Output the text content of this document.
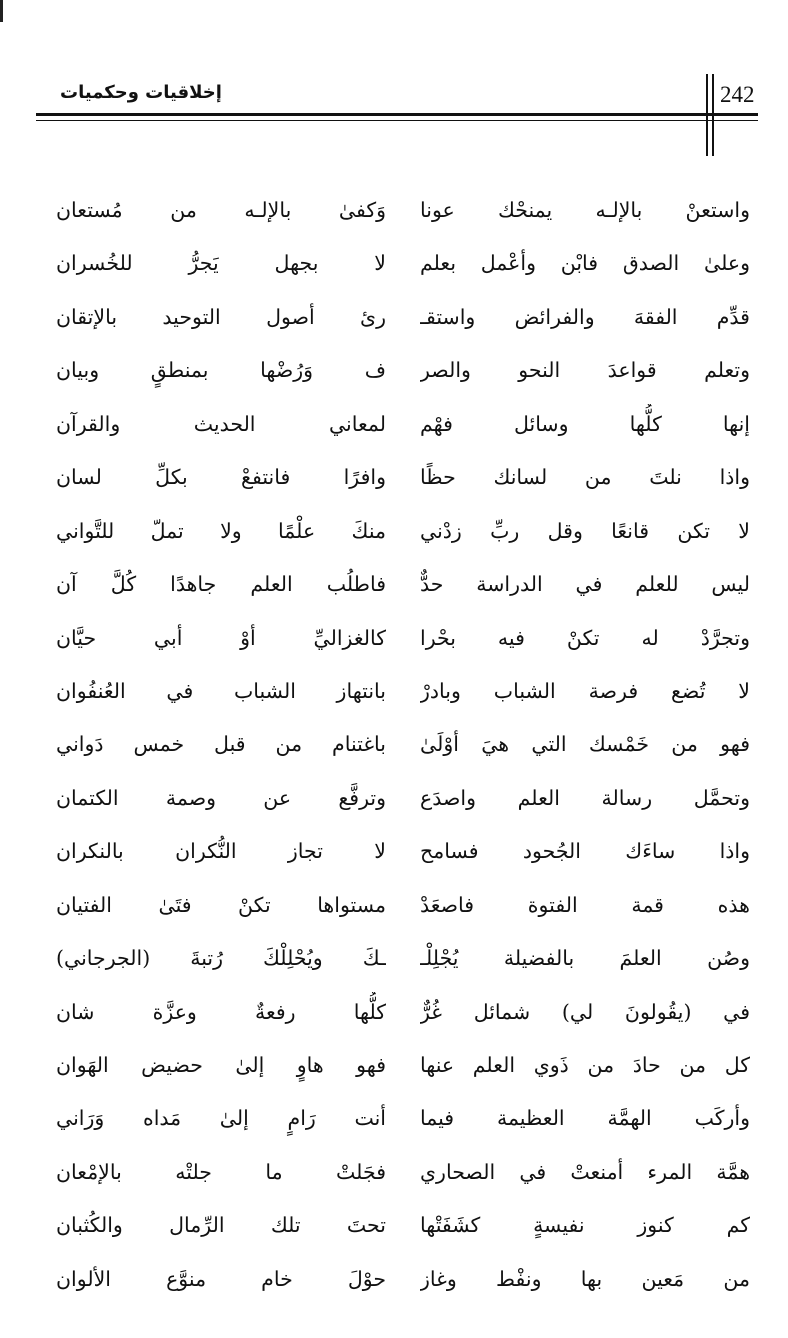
إخلاقيات وحكميات	242
واستعنْ بالإلـه يمنحْك عونا
وعلىٰ الصدق فابْن وأعْمل بعلم
قدِّم الفقهَ والفرائض واستقـ
وتعلم قواعدَ النحو والصر
إنها كلُّها وسائل فهْم
واذا نلتَ من لسانك حظًا
لا تكن قانعًا وقل ربِّ زدْني
ليس للعلم في الدراسة حدٌّ
وتجرَّدْ له تكنْ فيه بحْرا
لا تُضع فرصة الشباب وبادرْ
فهو من خَمْسك التي هيَ أوْلَىٰ
وتحمَّل رسالة العلم واصدَع
واذا ساءَك الجُحود فسامح
هذه قمة الفتوة فاصعَدْ
وصُن العلمَ بالفضيلة يُجْلِلْـ
في (يقُولونَ لي) شمائل غُرٌّ
كل من حادَ من ذَوي العلم عنها
وأركَب الهمَّة العظيمة فيما
همَّة المرء أمنعتْ في الصحاري
كم كنوز نفيسةٍ كشَفَتْها
من مَعين بها ونفْط وغاز
وَكفىٰ بالإلـه من مُستعان
لا بجهل يَجرُّ للخُسران
رئ أصول التوحيد بالإتقان
ف وَرُضْها بمنطقٍ وبيان
لمعاني الحديث والقرآن
وافرًا فانتفعْ بكلِّ لسان
منكَ علْمًا ولا تملّ للتَّواني
فاطلُب العلم جاهدًا كُلَّ آن
كالغزاليِّ أوْ أبي حيَّان
بانتهاز الشباب في العُنفُوان
باغتنام من قبل خمس دَواني
وترفَّع عن وصمة الكتمان
لا تجاز النُّكران بالنكران
مستواها تكنْ فتَىٰ الفتيان
ـكَ ويُحْلِلْكَ رُتبةَ (الجرجاني)
كلُّها رفعةٌ وعزَّة شان
فهو هاوٍ إلىٰ حضيض الهَوان
أنت رَامٍ إلىٰ مَداه وَرَاني
فجَلتْ ما جلتْه بالإمْعان
تحتَ تلك الرِّمال والكُثبان
حوْلَ خام منوَّع الألوان
